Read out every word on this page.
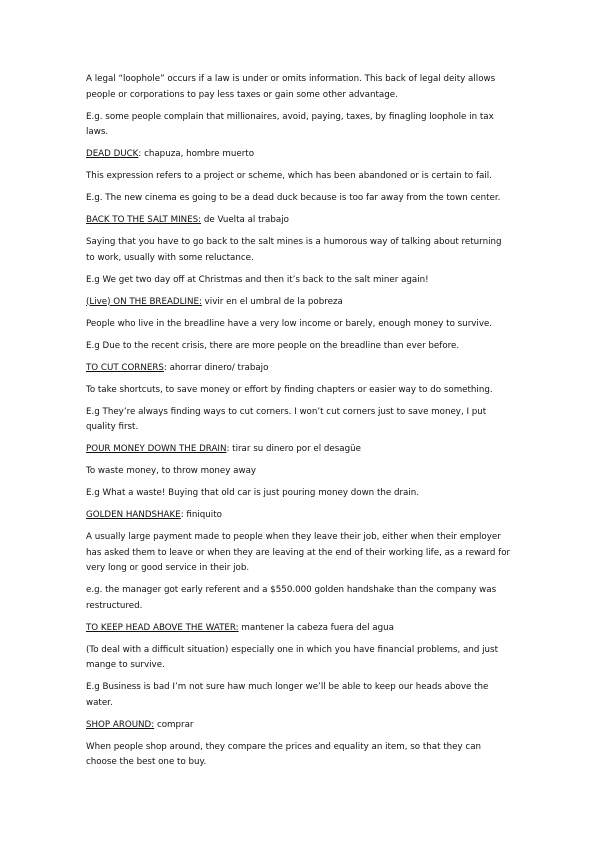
A legal “loophole” occurs if a law is under or omits information. This back of legal deity allows people or corporations to pay less taxes or gain some other advantage.

E.g. some people complain that millionaires, avoid, paying, taxes, by finagling loophole in tax laws.

DEAD DUCK: chapuza, hombre muerto

This expression refers to a project or scheme, which has been abandoned or is certain to fail.

E.g. The new cinema es going to be a dead duck because is too far away from the town center.

BACK TO THE SALT MINES: de Vuelta al trabajo

Saying that you have to go back to the salt mines is a humorous way of talking about returning to work, usually with some reluctance.

E.g We get two day off at Christmas and then it’s back to the salt miner again!

(Live) ON THE BREADLINE: vivir en el umbral de la pobreza

People who live in the breadline have a very low income or barely, enough money to survive.

E.g Due to the recent crisis, there are more people on the breadline than ever before.

TO CUT CORNERS: ahorrar dinero/ trabajo

To take shortcuts, to save money or effort by finding chapters or easier way to do something.

E.g They’re always finding ways to cut corners. I won’t cut corners just to save money, I put quality first.

POUR MONEY DOWN THE DRAIN: tirar su dinero por el desagüe

To waste money, to throw money away

E.g What a waste! Buying that old car is just pouring money down the drain.

GOLDEN HANDSHAKE: finiquito

A usually large payment made to people when they leave their job, either when their employer has asked them to leave or when they are leaving at the end of their working life, as a reward for very long or good service in their job.

e.g. the manager got early referent and a $550.000 golden handshake than the company was restructured.

TO KEEP HEAD ABOVE THE WATER: mantener la cabeza fuera del agua

(To deal with a difficult situation) especially one in which you have financial problems, and just mange to survive.

E.g Business is bad I’m not sure haw much longer we’ll be able to keep our heads above the water.

SHOP AROUND: comprar

When people shop around, they compare the prices and equality an item, so that they can choose the best one to buy.
